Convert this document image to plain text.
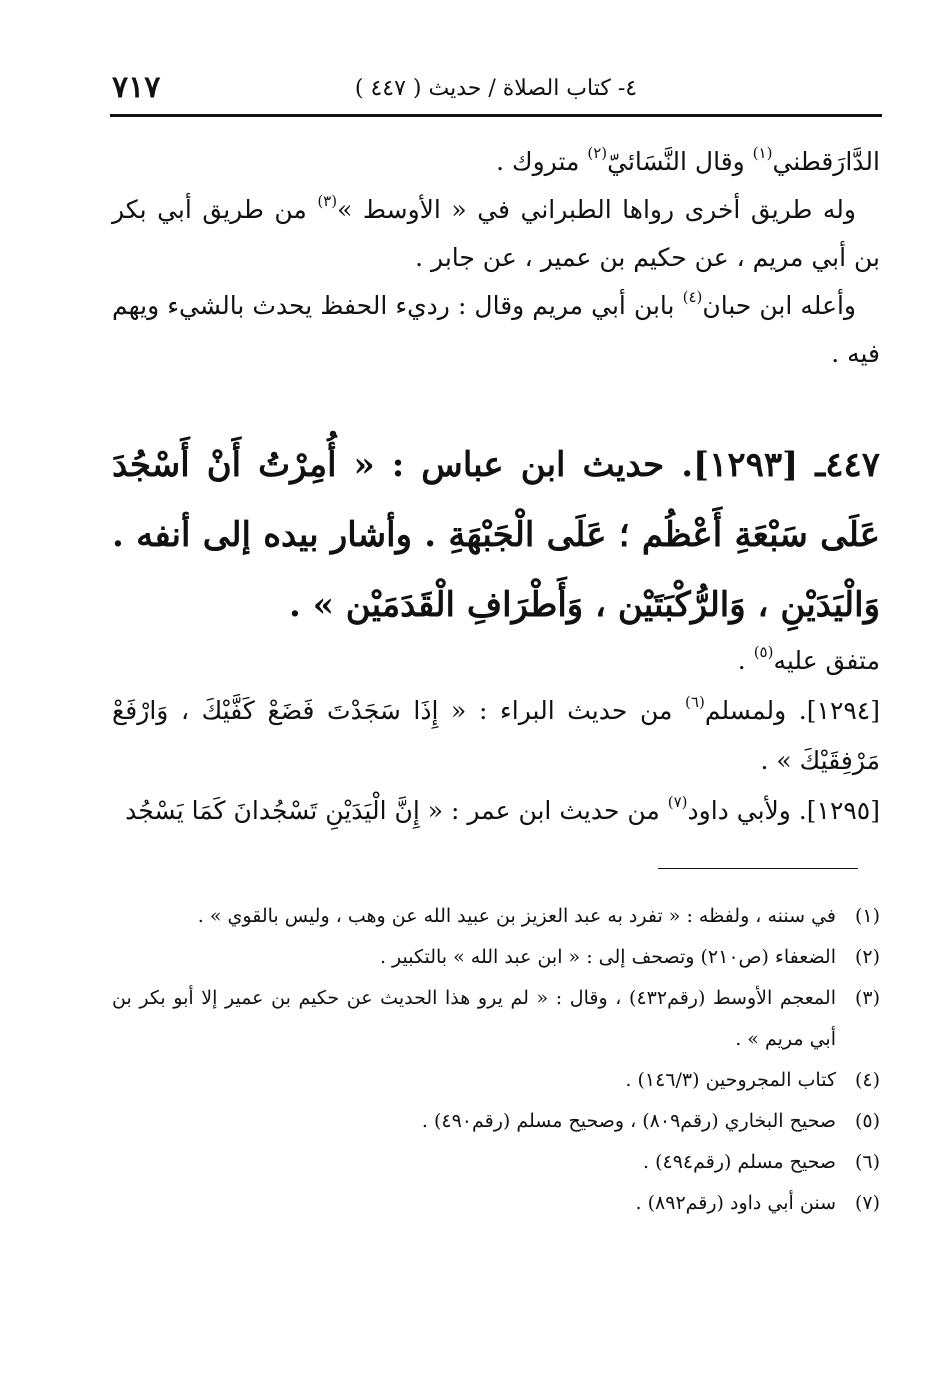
٧١٧	٤- كتاب الصلاة / حديث ( ٤٤٧ )

الدَّارَقطني$^{(١)}$ وقال النَّسَائيّ$^{(٢)}$ متروك .

وله طريق أخرى رواها الطبراني في « الأوسط »$^{(٣)}$ من طريق أبي بكر بن أبي مريم ، عن حكيم بن عمير ، عن جابر .

وأعله ابن حبان$^{(٤)}$ بابن أبي مريم وقال : رديء الحفظ يحدث بالشيء ويهم فيه .

٤٤٧ـ [١٢٩٣]. حديث ابن عباس : « أُمِرْتُ أَنْ أَسْجُدَ عَلَى سَبْعَةِ أَعْظُم ؛ عَلَى الْجَبْهَةِ . وأشار بيده إلى أنفه . وَالْيَدَيْنِ ، وَالرُّكْبَتَيْن ، وَأَطْرَافِ الْقَدَمَيْن » .

متفق عليه$^{(٥)}$ .

[١٢٩٤]. ولمسلم$^{(٦)}$ من حديث البراء : « إِذَا سَجَدْتَ فَضَعْ كَفَّيْكَ ، وَارْفَعْ مَرْفِقَيْكَ » .

[١٢٩٥]. ولأبي داود$^{(٧)}$ من حديث ابن عمر : « إِنَّ الْيَدَيْنِ تَسْجُدانَ كَمَا يَسْجُد

(١)
في سننه ، ولفظه : « تفرد به عبد العزيز بن عبيد الله عن وهب ، وليس بالقوي » .
(٢)
الضعفاء (ص٢١٠) وتصحف إلى : « ابن عبد الله » بالتكبير .
(٣)
المعجم الأوسط (رقم٤٣٢) ، وقال : « لم يرو هذا الحديث عن حكيم بن عمير إلا أبو بكر بن أبي مريم » .
(٤)
كتاب المجروحين (١٤٦/٣) .
(٥)
صحيح البخاري (رقم٨٠٩) ، وصحيح مسلم (رقم٤٩٠) .
(٦)
صحيح مسلم (رقم٤٩٤) .
(٧)
سنن أبي داود (رقم٨٩٢) .
